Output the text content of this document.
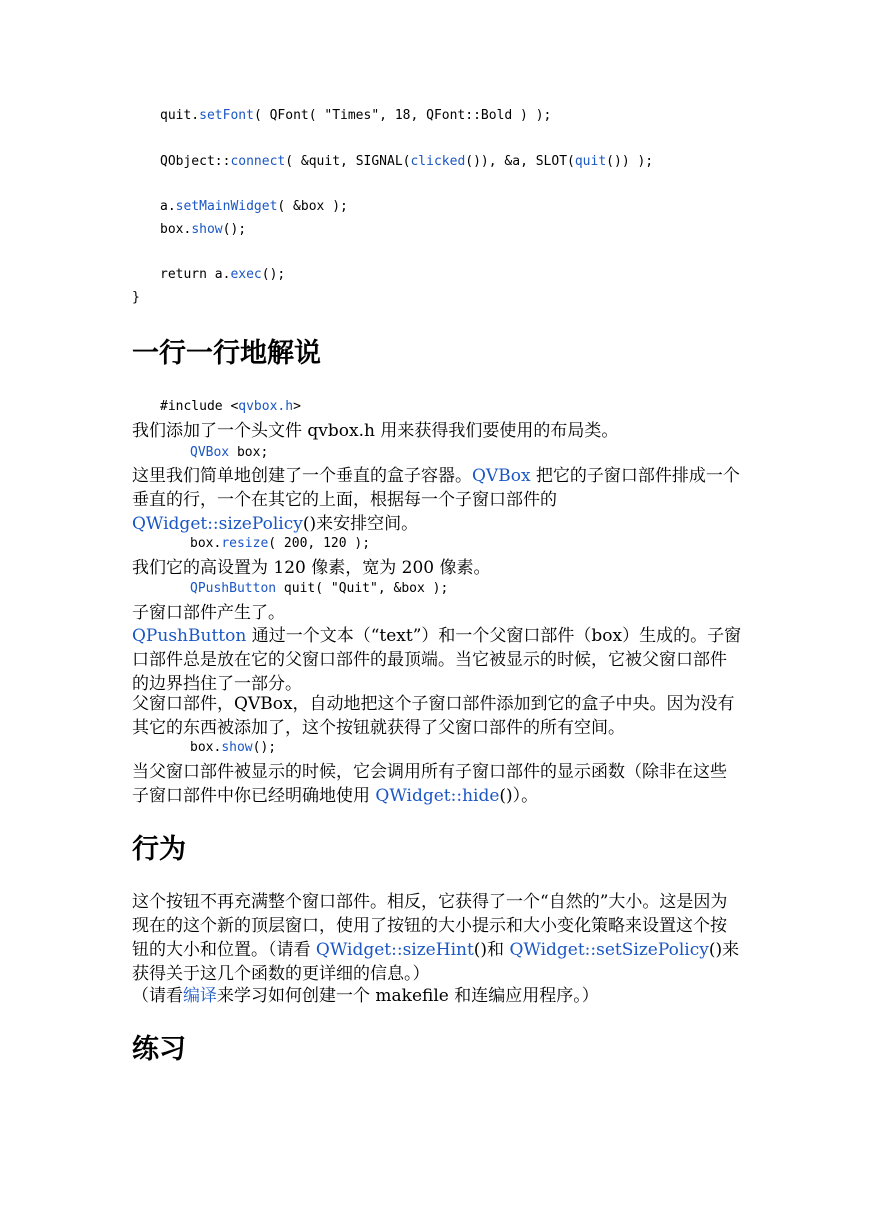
quit.setFont( QFont( "Times", 18, QFont::Bold ) );
QObject::connect( &quit, SIGNAL(clicked()), &a, SLOT(quit()) );
a.setMainWidget( &box );
box.show();
return a.exec();
}
一行一行地解说
#include <qvbox.h>
我们添加了一个头文件 qvbox.h 用来获得我们要使用的布局类。
QVBox box;
这里我们简单地创建了一个垂直的盒子容器。QVBox 把它的子窗口部件排成一个垂直的行，一个在其它的上面，根据每一个子窗口部件的 QWidget::sizePolicy()来安排空间。
box.resize( 200, 120 );
我们它的高设置为 120 像素，宽为 200 像素。
QPushButton quit( "Quit", &box );
子窗口部件产生了。
QPushButton 通过一个文本（“text”）和一个父窗口部件（box）生成的。子窗口部件总是放在它的父窗口部件的最顶端。当它被显示的时候，它被父窗口部件的边界挡住了一部分。
父窗口部件，QVBox，自动地把这个子窗口部件添加到它的盒子中央。因为没有其它的东西被添加了，这个按钮就获得了父窗口部件的所有空间。
box.show();
当父窗口部件被显示的时候，它会调用所有子窗口部件的显示函数（除非在这些子窗口部件中你已经明确地使用 QWidget::hide()）。
行为
这个按钮不再充满整个窗口部件。相反，它获得了一个“自然的”大小。这是因为现在的这个新的顶层窗口，使用了按钮的大小提示和大小变化策略来设置这个按钮的大小和位置。（请看 QWidget::sizeHint()和 QWidget::setSizePolicy()来获得关于这几个函数的更详细的信息。）
（请看编译来学习如何创建一个 makefile 和连编应用程序。）
练习
